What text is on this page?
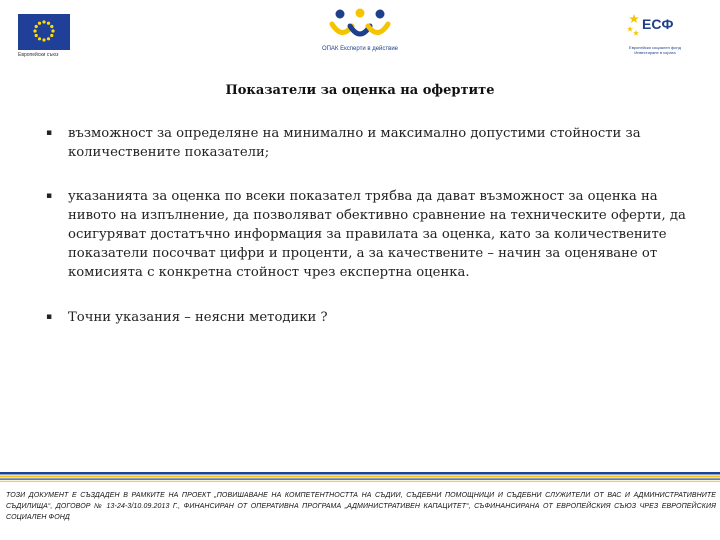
Европейски съюз
ОПАК Експерти в действие
ЕСФ
Европейски социален фонд
Инвестиране в хората
Показатели за оценка на офертите
▪ възможност за определяне на минимално и максимално допустими стойности за количествените показатели;
▪ указанията за оценка по всеки показател трябва да дават възможност за оценка на нивото на изпълнение, да позволяват обективно сравнение на техническите оферти, да осигуряват достатъчно информация за правилата за оценка, като за количествените показатели посочват цифри и проценти, а за качествените – начин за оценяване от комисията с конкретна стойност чрез експертна оценка.
▪ Точни указания – неясни методики ?
ТОЗИ ДОКУМЕНТ Е СЪЗДАДЕН В РАМКИТЕ НА ПРОЕКТ „ПОВИШАВАНЕ НА КОМПЕТЕНТНОСТТА НА СЪДИИ, СЪДЕБНИ ПОМОЩНИЦИ И СЪДЕБНИ СЛУЖИТЕЛИ ОТ ВАС И АДМИНИСТРАТИВНИТЕ СЪДИЛИЩА“, ДОГОВОР № 13-24-3/10.09.2013 Г., ФИНАНСИРАН ОТ ОПЕРАТИВНА ПРОГРАМА „АДМИНИСТРАТИВЕН КАПАЦИТЕТ“, СЪФИНАНСИРАНА ОТ ЕВРОПЕЙСКИЯ СЪЮЗ ЧРЕЗ ЕВРОПЕЙСКИЯ СОЦИАЛЕН ФОНД
